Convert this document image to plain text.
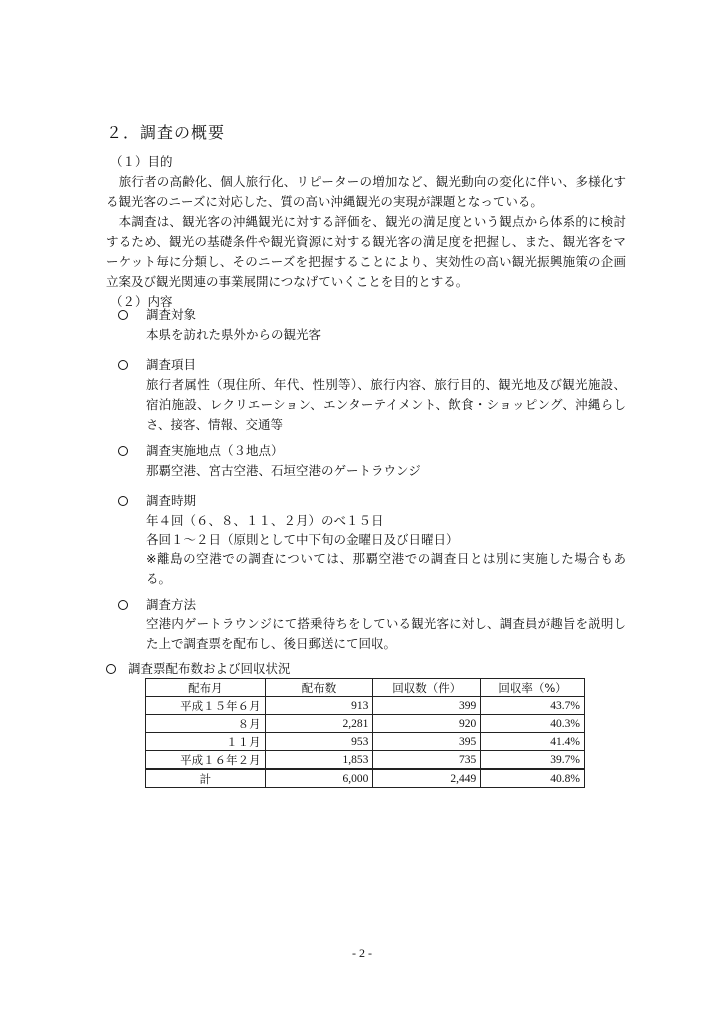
２．調査の概要
（１）目的
　旅行者の高齢化、個人旅行化、リピーターの増加など、観光動向の変化に伴い、多様化する観光客のニーズに対応した、質の高い沖縄観光の実現が課題となっている。
　本調査は、観光客の沖縄観光に対する評価を、観光の満足度という観点から体系的に検討するため、観光の基礎条件や観光資源に対する観光客の満足度を把握し、また、観光客をマーケット毎に分類し、そのニーズを把握することにより、実効性の高い観光振興施策の企画立案及び観光関連の事業展開につなげていくことを目的とする。
（２）内容
調査対象
本県を訪れた県外からの観光客
調査項目
旅行者属性（現住所、年代、性別等）、旅行内容、旅行目的、観光地及び観光施設、宿泊施設、レクリエーション、エンターテイメント、飲食・ショッピング、沖縄らしさ、接客、情報、交通等
調査実施地点（３地点）
那覇空港、宮古空港、石垣空港のゲートラウンジ
調査時期
年４回（６、８、１１、２月）のべ１５日
各回１～２日（原則として中下旬の金曜日及び日曜日）
※離島の空港での調査については、那覇空港での調査日とは別に実施した場合もある。
調査方法
空港内ゲートラウンジにて搭乗待ちをしている観光客に対し、調査員が趣旨を説明した上で調査票を配布し、後日郵送にて回収。
調査票配布数および回収状況
配布月	配布数	回収数（件）	回収率（%）
平成１５年６月	913	399	43.7%
８月	2,281	920	40.3%
１１月	953	395	41.4%
平成１６年２月	1,853	735	39.7%
計	6,000	2,449	40.8%
- 2 -
